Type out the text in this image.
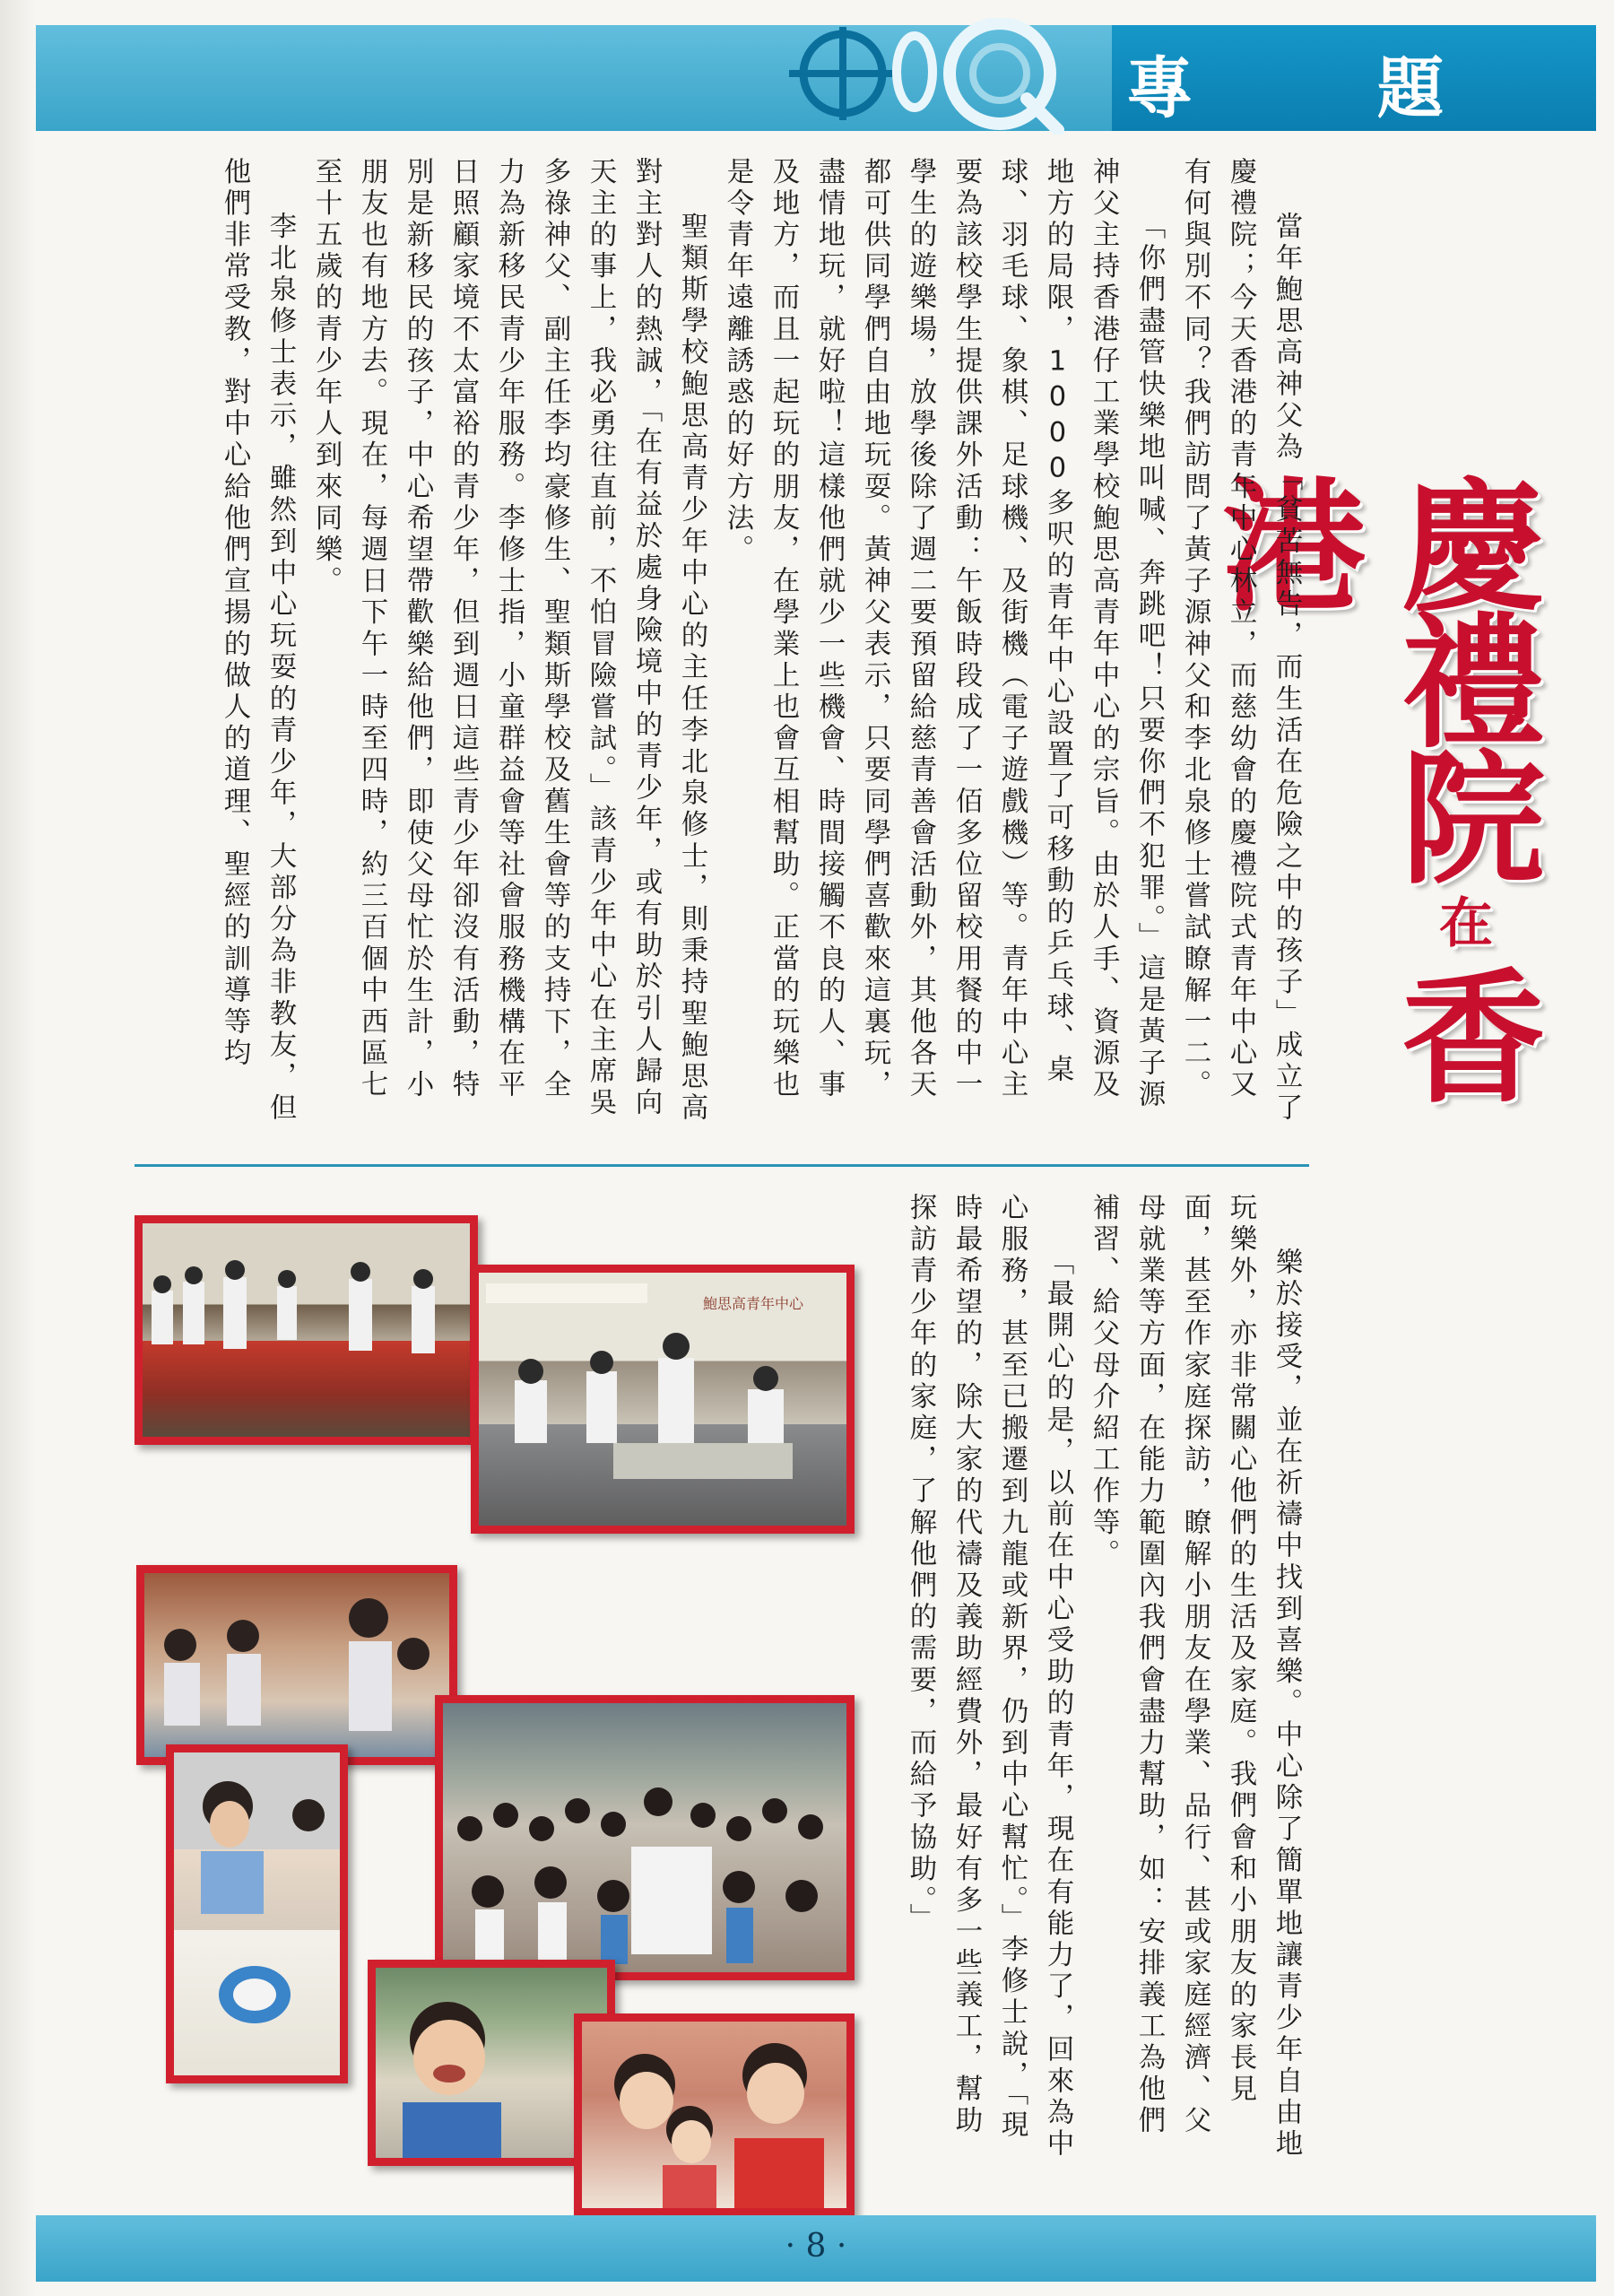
專 題
慶禮院在香港

當年鮑思高神父為「貧苦無告，而生活在危險之中的孩子」成立了慶禮院；今天香港的青年中心林立，而慈幼會的慶禮院式青年中心又有何與別不同？我們訪問了黃子源神父和李北泉修士嘗試瞭解一二。

「你們盡管快樂地叫喊、奔跳吧！只要你們不犯罪。」這是黃子源神父主持香港仔工業學校鮑思高青年中心的宗旨。由於人手、資源及地方的局限，1000多呎的青年中心設置了可移動的乒乓球、桌球、羽毛球、象棋、足球機、及街機（電子遊戲機）等。青年中心主要為該校學生提供課外活動：午飯時段成了一佰多位留校用餐的中一學生的遊樂場，放學後除了週二要預留給慈青善會活動外，其他各天都可供同學們自由地玩耍。黃神父表示，只要同學們喜歡來這裏玩，盡情地玩，就好啦！這樣他們就少一些機會、時間接觸不良的人、事及地方，而且一起玩的朋友，在學業上也會互相幫助。正當的玩樂也是令青年遠離誘惑的好方法。

聖類斯學校鮑思高青少年中心的主任李北泉修士，則秉持聖鮑思高對主對人的熱誠，「在有益於處身險境中的青少年，或有助於引人歸向天主的事上，我必勇往直前，不怕冒險嘗試。」該青少年中心在主席吳多祿神父、副主任李均豪修生、聖類斯學校及舊生會等的支持下，全力為新移民青少年服務。李修士指，小童群益會等社會服務機構在平日照顧家境不太富裕的青少年，但到週日這些青少年卻沒有活動，特別是新移民的孩子，中心希望帶歡樂給他們，即使父母忙於生計，小朋友也有地方去。現在，每週日下午一時至四時，約三百個中西區七至十五歲的青少年人到來同樂。

李北泉修士表示，雖然到中心玩耍的青少年，大部分為非教友，但他們非常受教，對中心給他們宣揚的做人的道理、聖經的訓導等均

樂於接受，並在祈禱中找到喜樂。中心除了簡單地讓青少年自由地玩樂外，亦非常關心他們的生活及家庭。我們會和小朋友的家長見面，甚至作家庭探訪，瞭解小朋友在學業、品行、甚或家庭經濟、父母就業等方面，在能力範圍內我們會盡力幫助，如：安排義工為他們補習、給父母介紹工作等。

「最開心的是，以前在中心受助的青年，現在有能力了，回來為中心服務，甚至已搬遷到九龍或新界，仍到中心幫忙。」李修士說，「現時最希望的，除大家的代禱及義助經費外，最好有多一些義工，幫助探訪青少年的家庭，了解他們的需要，而給予協助。」

鮑思高青年中心
· 8 ·
